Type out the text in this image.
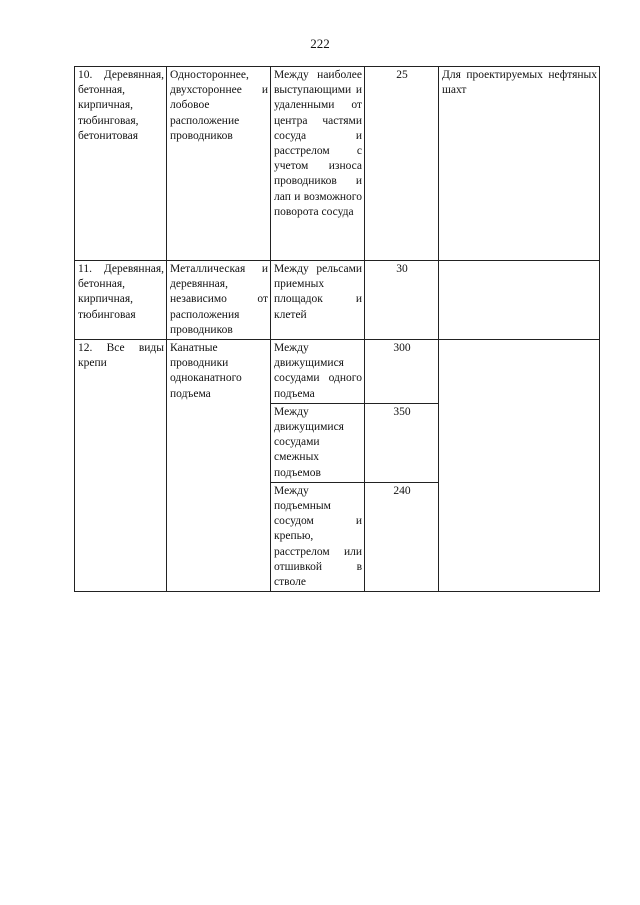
222
10. Деревянная, бетонная, кирпичная, тюбинговая, бетонитовая	Одностороннее, двухстороннее и лобовое расположение проводников	Между наиболее выступающими и удаленными от центра частями сосуда и расстрелом с учетом износа проводников и лап и возможного поворота сосуда	25	Для проектируемых нефтяных шахт
11. Деревянная, бетонная, кирпичная, тюбинговая	Металлическая и деревянная, независимо от расположения проводников	Между рельсами приемных площадок и клетей	30	
12. Все виды крепи	Канатные проводники одноканатного подъема	Между движущимися сосудами одного подъема	300	
		Между движущимися сосудами смежных подъемов	350	
		Между подъемным сосудом и крепью, расстрелом или отшивкой в стволе	240	
